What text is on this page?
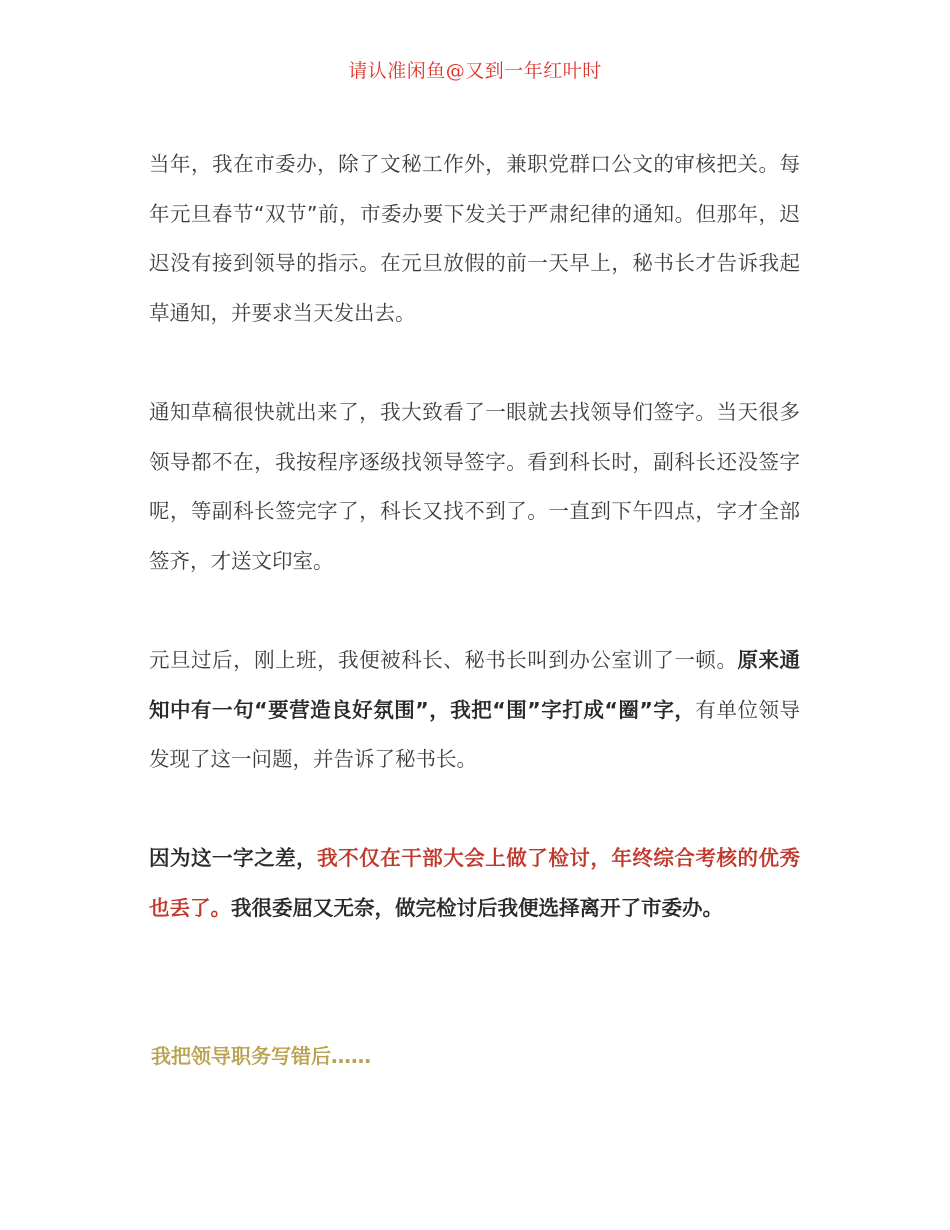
请认准闲鱼@又到一年红叶时

当年，我在市委办，除了文秘工作外，兼职党群口公文的审核把关。每年元旦春节“双节”前，市委办要下发关于严肃纪律的通知。但那年，迟迟没有接到领导的指示。在元旦放假的前一天早上，秘书长才告诉我起草通知，并要求当天发出去。

通知草稿很快就出来了，我大致看了一眼就去找领导们签字。当天很多领导都不在，我按程序逐级找领导签字。看到科长时，副科长还没签字呢，等副科长签完字了，科长又找不到了。一直到下午四点，字才全部签齐，才送文印室。

元旦过后，刚上班，我便被科长、秘书长叫到办公室训了一顿。原来通知中有一句“要营造良好氛围”，我把“围”字打成“圈”字，有单位领导发现了这一问题，并告诉了秘书长。

因为这一字之差，我不仅在干部大会上做了检讨，年终综合考核的优秀也丢了。我很委屈又无奈，做完检讨后我便选择离开了市委办。

我把领导职务写错后……
